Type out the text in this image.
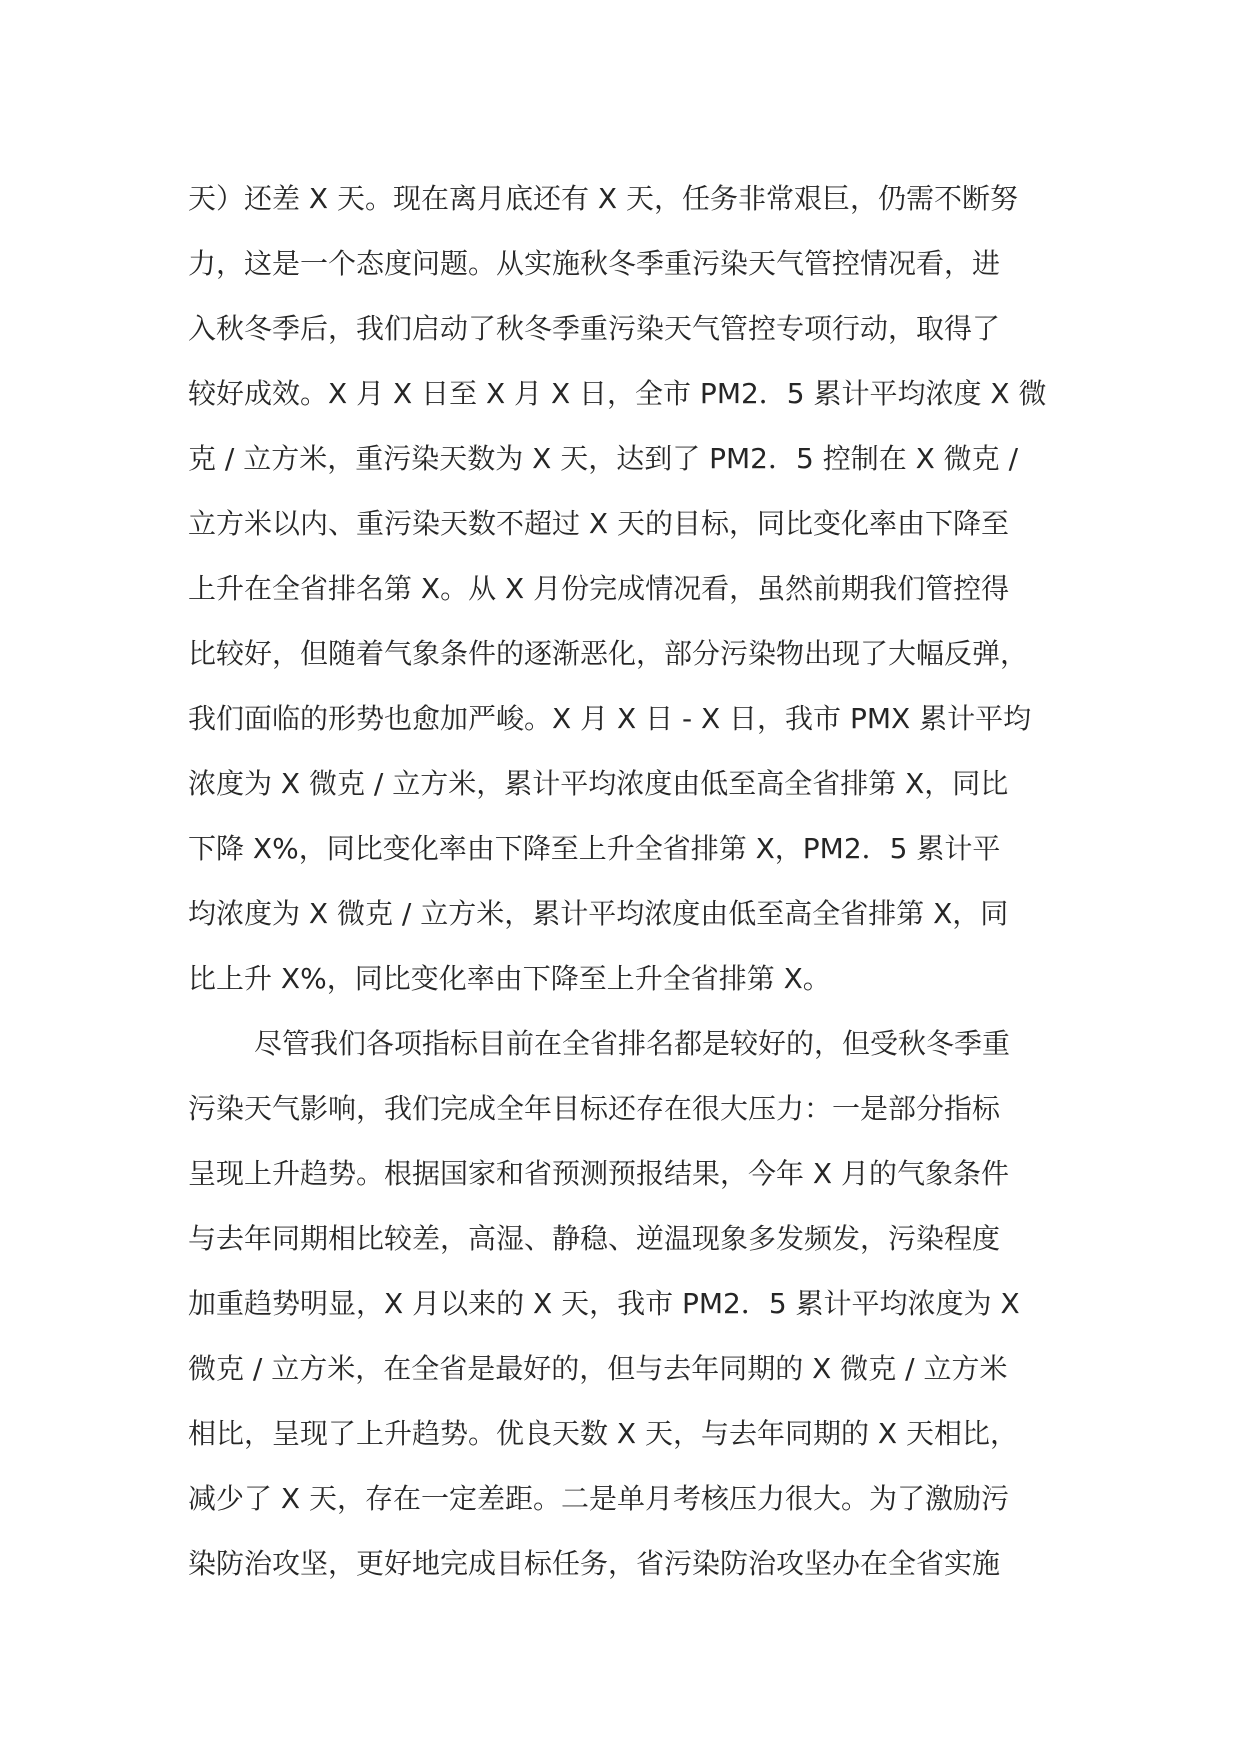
天）还差 X 天。现在离月底还有 X 天，任务非常艰巨，仍需不断努
力，这是一个态度问题。从实施秋冬季重污染天气管控情况看，进
入秋冬季后，我们启动了秋冬季重污染天气管控专项行动，取得了
较好成效。X 月 X 日至 X 月 X 日，全市 PM2．5 累计平均浓度 X 微
克 / 立方米，重污染天数为 X 天，达到了 PM2．5 控制在 X 微克 /
立方米以内、重污染天数不超过 X 天的目标，同比变化率由下降至
上升在全省排名第 X。从 X 月份完成情况看，虽然前期我们管控得
比较好，但随着气象条件的逐渐恶化，部分污染物出现了大幅反弹，
我们面临的形势也愈加严峻。X 月 X 日 - X 日，我市 PMX 累计平均
浓度为 X 微克 / 立方米，累计平均浓度由低至高全省排第 X，同比
下降 X%，同比变化率由下降至上升全省排第 X，PM2．5 累计平
均浓度为 X 微克 / 立方米，累计平均浓度由低至高全省排第 X，同
比上升 X%，同比变化率由下降至上升全省排第 X。
尽管我们各项指标目前在全省排名都是较好的，但受秋冬季重
污染天气影响，我们完成全年目标还存在很大压力：一是部分指标
呈现上升趋势。根据国家和省预测预报结果，今年 X 月的气象条件
与去年同期相比较差，高湿、静稳、逆温现象多发频发，污染程度
加重趋势明显，X 月以来的 X 天，我市 PM2．5 累计平均浓度为 X
微克 / 立方米，在全省是最好的，但与去年同期的 X 微克 / 立方米
相比，呈现了上升趋势。优良天数 X 天，与去年同期的 X 天相比，
减少了 X 天，存在一定差距。二是单月考核压力很大。为了激励污
染防治攻坚，更好地完成目标任务，省污染防治攻坚办在全省实施
